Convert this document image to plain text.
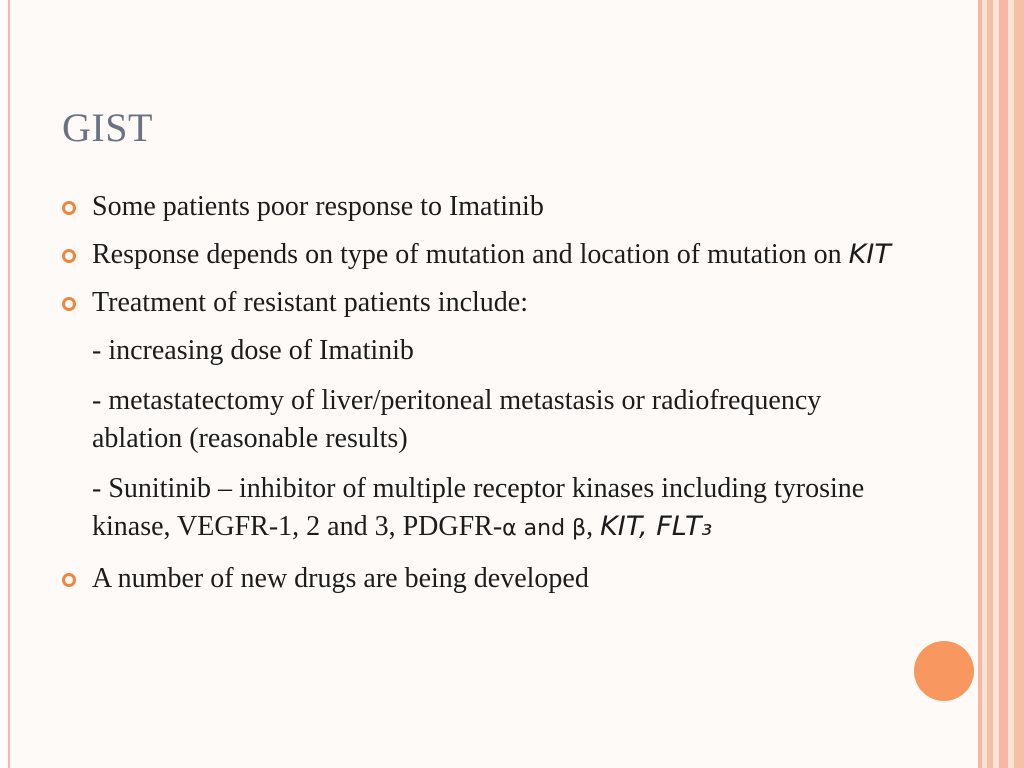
GIST
Some patients poor response to Imatinib
Response depends on type of mutation and location of mutation on KIT
Treatment of resistant patients include:

- increasing dose of Imatinib

- metastatectomy of liver/peritoneal metastasis or radiofrequency ablation (reasonable results)

- Sunitinib – inhibitor of multiple receptor kinases including tyrosine kinase, VEGFR-1, 2 and 3, PDGFR-α and β, KIT, FLT₃

A number of new drugs are being developed
